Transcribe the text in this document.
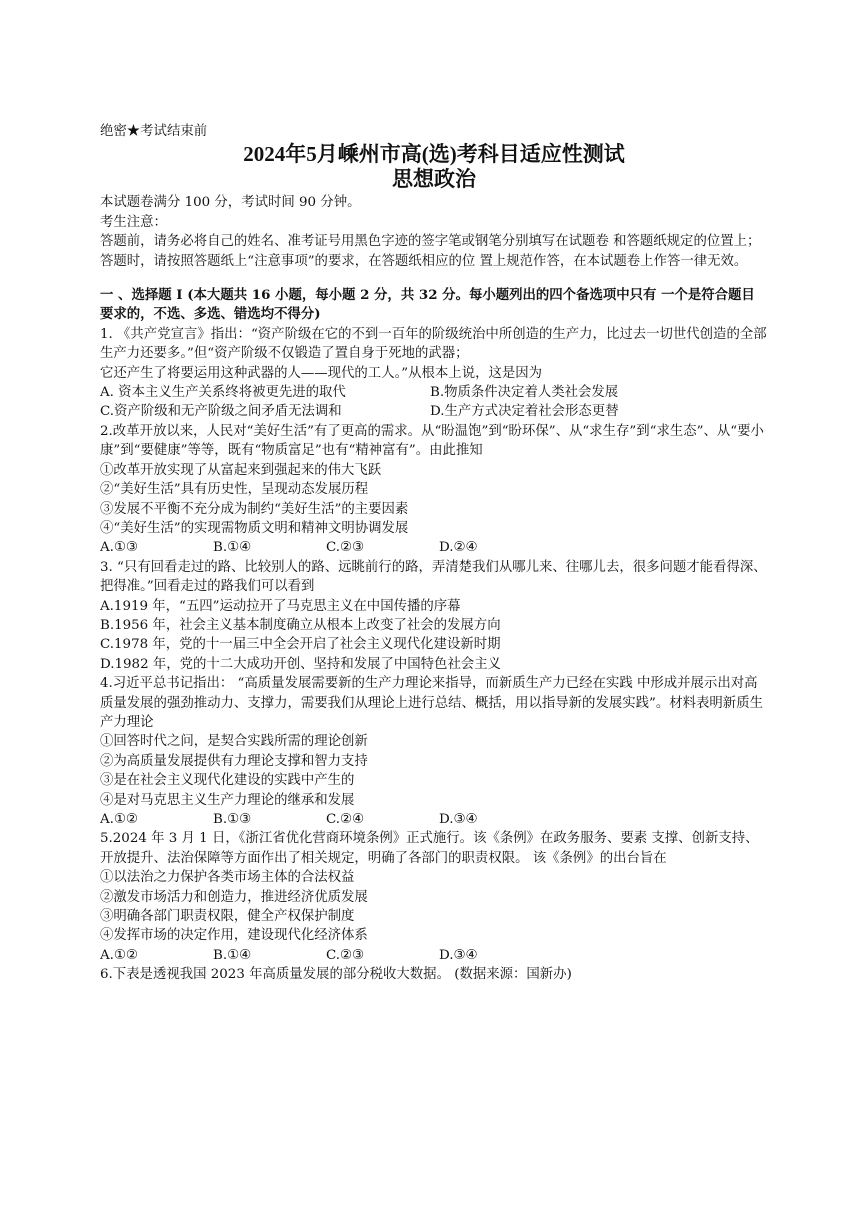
绝密★考试结束前
2024年5月嵊州市高(选)考科目适应性测试
思想政治
本试题卷满分 100 分，考试时间 90 分钟。
考生注意：
答题前，请务必将自己的姓名、准考证号用黑色字迹的签字笔或钢笔分别填写在试题卷 和答题纸规定的位置上；答题时，请按照答题纸上“注意事项”的要求，在答题纸相应的位 置上规范作答，在本试题卷上作答一律无效。
一 、选择题 I (本大题共 16 小题，每小题 2 分，共 32 分。每小题列出的四个备选项中只有 一个是符合题目要求的，不选、多选、错选均不得分)
1. 《共产党宣言》指出：“资产阶级在它的不到一百年的阶级统治中所创造的生产力，比过去一切世代创造的全部生产力还要多。”但“资产阶级不仅锻造了置自身于死地的武器；
它还产生了将要运用这种武器的人——现代的工人。”从根本上说，这是因为
A. 资本主义生产关系终将被更先进的取代	B.物质条件决定着人类社会发展
C.资产阶级和无产阶级之间矛盾无法调和	D.生产方式决定着社会形态更替
2.改革开放以来，人民对“美好生活”有了更高的需求。从“盼温饱”到“盼环保”、从“求生存”到“求生态”、从“要小康”到“要健康”等等，既有“物质富足”也有“精神富有”。由此推知
①改革开放实现了从富起来到强起来的伟大飞跃
②“美好生活”具有历史性，呈现动态发展历程
③发展不平衡不充分成为制约“美好生活”的主要因素
④“美好生活”的实现需物质文明和精神文明协调发展
A.①③	B.①④	C.②③	D.②④
3. “只有回看走过的路、比较别人的路、远眺前行的路，弄清楚我们从哪儿来、往哪儿去，很多问题才能看得深、把得准。”回看走过的路我们可以看到
A.1919 年，“五四”运动拉开了马克思主义在中国传播的序幕
B.1956 年，社会主义基本制度确立从根本上改变了社会的发展方向
C.1978 年，党的十一届三中全会开启了社会主义现代化建设新时期
D.1982 年，党的十二大成功开创、坚持和发展了中国特色社会主义
4.习近平总书记指出： “高质量发展需要新的生产力理论来指导，而新质生产力已经在实践 中形成并展示出对高质量发展的强劲推动力、支撑力，需要我们从理论上进行总结、概括，用以指导新的发展实践”。材料表明新质生产力理论
①回答时代之问，是契合实践所需的理论创新
②为高质量发展提供有力理论支撑和智力支持
③是在社会主义现代化建设的实践中产生的
④是对马克思主义生产力理论的继承和发展
A.①②	B.①③	C.②④	D.③④
5.2024 年 3 月 1 日，《浙江省优化营商环境条例》正式施行。该《条例》在政务服务、要素 支撑、创新支持、开放提升、法治保障等方面作出了相关规定，明确了各部门的职责权限。 该《条例》的出台旨在
①以法治之力保护各类市场主体的合法权益
②激发市场活力和创造力，推进经济优质发展
③明确各部门职责权限，健全产权保护制度
④发挥市场的决定作用，建设现代化经济体系
A.①②	B.①④	C.②③	D.③④
6.下表是透视我国 2023 年高质量发展的部分税收大数据。 (数据来源：国新办)
